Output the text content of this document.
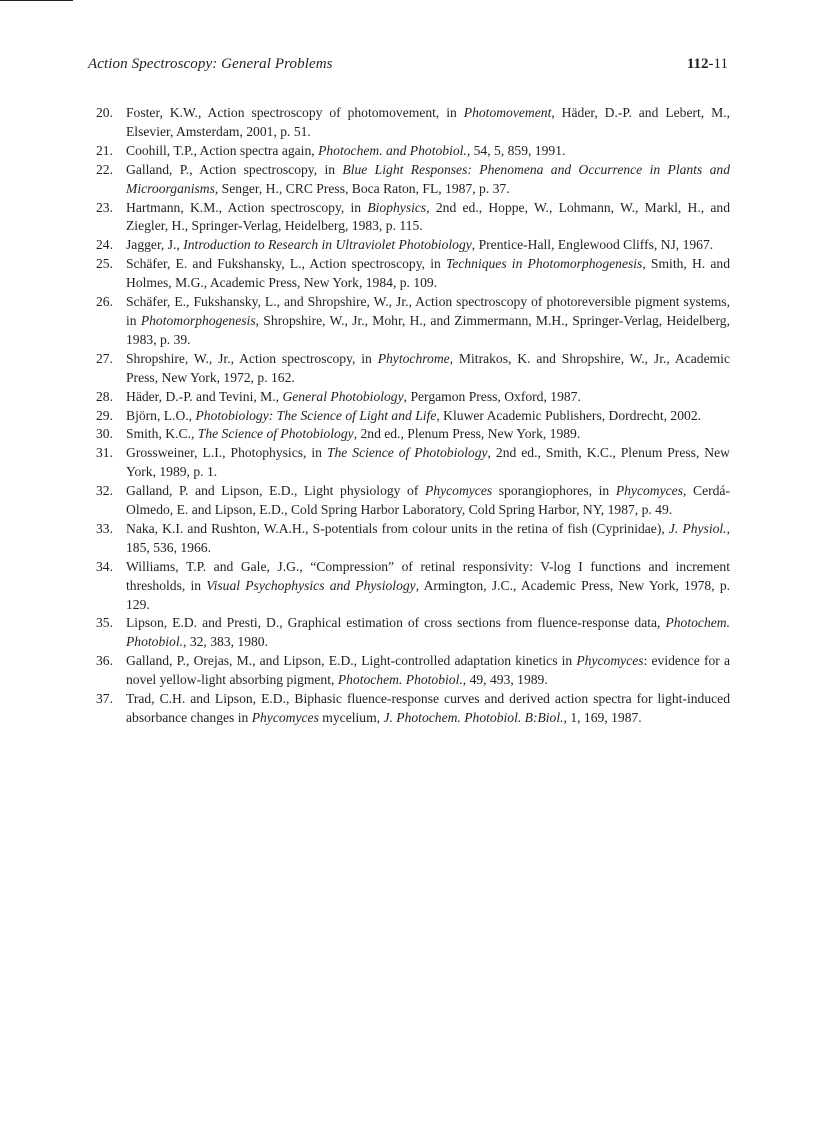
Action Spectroscopy: General Problems	112-11
20. Foster, K.W., Action spectroscopy of photomovement, in Photomovement, Häder, D.-P. and Lebert, M., Elsevier, Amsterdam, 2001, p. 51.
21. Coohill, T.P., Action spectra again, Photochem. and Photobiol., 54, 5, 859, 1991.
22. Galland, P., Action spectroscopy, in Blue Light Responses: Phenomena and Occurrence in Plants and Microorganisms, Senger, H., CRC Press, Boca Raton, FL, 1987, p. 37.
23. Hartmann, K.M., Action spectroscopy, in Biophysics, 2nd ed., Hoppe, W., Lohmann, W., Markl, H., and Ziegler, H., Springer-Verlag, Heidelberg, 1983, p. 115.
24. Jagger, J., Introduction to Research in Ultraviolet Photobiology, Prentice-Hall, Englewood Cliffs, NJ, 1967.
25. Schäfer, E. and Fukshansky, L., Action spectroscopy, in Techniques in Photomorphogenesis, Smith, H. and Holmes, M.G., Academic Press, New York, 1984, p. 109.
26. Schäfer, E., Fukshansky, L., and Shropshire, W., Jr., Action spectroscopy of photoreversible pigment systems, in Photomorphogenesis, Shropshire, W., Jr., Mohr, H., and Zimmermann, M.H., Springer-Verlag, Heidelberg, 1983, p. 39.
27. Shropshire, W., Jr., Action spectroscopy, in Phytochrome, Mitrakos, K. and Shropshire, W., Jr., Academic Press, New York, 1972, p. 162.
28. Häder, D.-P. and Tevini, M., General Photobiology, Pergamon Press, Oxford, 1987.
29. Björn, L.O., Photobiology: The Science of Light and Life, Kluwer Academic Publishers, Dordrecht, 2002.
30. Smith, K.C., The Science of Photobiology, 2nd ed., Plenum Press, New York, 1989.
31. Grossweiner, L.I., Photophysics, in The Science of Photobiology, 2nd ed., Smith, K.C., Plenum Press, New York, 1989, p. 1.
32. Galland, P. and Lipson, E.D., Light physiology of Phycomyces sporangiophores, in Phycomyces, Cerdá-Olmedo, E. and Lipson, E.D., Cold Spring Harbor Laboratory, Cold Spring Harbor, NY, 1987, p. 49.
33. Naka, K.I. and Rushton, W.A.H., S-potentials from colour units in the retina of fish (Cyprinidae), J. Physiol., 185, 536, 1966.
34. Williams, T.P. and Gale, J.G., “Compression” of retinal responsivity: V-log I functions and increment thresholds, in Visual Psychophysics and Physiology, Armington, J.C., Academic Press, New York, 1978, p. 129.
35. Lipson, E.D. and Presti, D., Graphical estimation of cross sections from fluence-response data, Photochem. Photobiol., 32, 383, 1980.
36. Galland, P., Orejas, M., and Lipson, E.D., Light-controlled adaptation kinetics in Phycomyces: evidence for a novel yellow-light absorbing pigment, Photochem. Photobiol., 49, 493, 1989.
37. Trad, C.H. and Lipson, E.D., Biphasic fluence-response curves and derived action spectra for light-induced absorbance changes in Phycomyces mycelium, J. Photochem. Photobiol. B:Biol., 1, 169, 1987.
